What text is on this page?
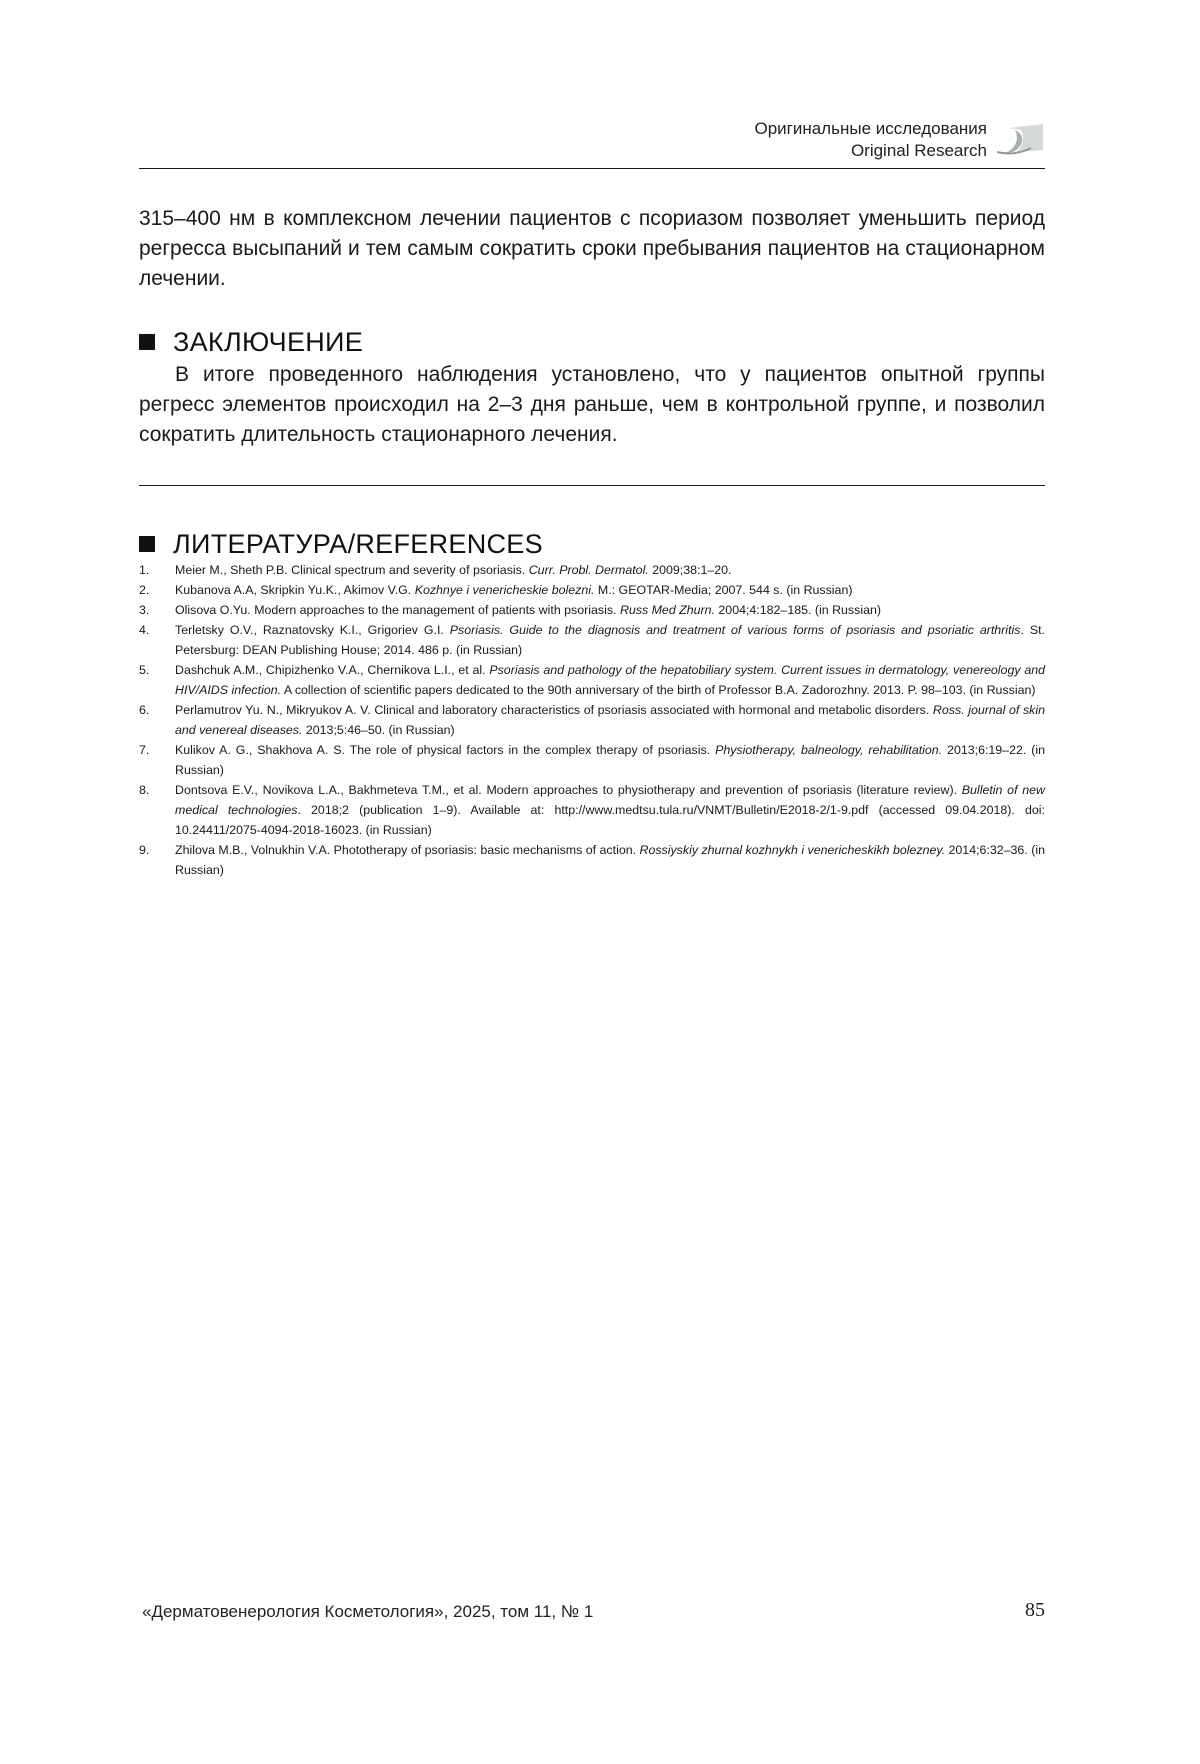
Оригинальные исследования
Original Research

315–400 нм в комплексном лечении пациентов с псориазом позволяет уменьшить период регресса высыпаний и тем самым сократить сроки пребывания пациентов на стационарном лечении.

ЗАКЛЮЧЕНИЕ

В итоге проведенного наблюдения установлено, что у пациентов опытной группы регресс элементов происходил на 2–3 дня раньше, чем в контрольной группе, и позволил сократить длительность стационарного лечения.

ЛИТЕРАТУРА/REFERENCES
1. Meier M., Sheth P.B. Clinical spectrum and severity of psoriasis. Curr. Probl. Dermatol. 2009;38:1–20.
2. Kubanova A.A, Skripkin Yu.K., Akimov V.G. Kozhnye i venericheskie bolezni. M.: GEOTAR-Media; 2007. 544 s. (in Russian)
3. Olisova O.Yu. Modern approaches to the management of patients with psoriasis. Russ Med Zhurn. 2004;4:182–185. (in Russian)
4. Terletsky O.V., Raznatovsky K.I., Grigoriev G.I. Psoriasis. Guide to the diagnosis and treatment of various forms of psoriasis and psoriatic arthritis. St. Petersburg: DEAN Publishing House; 2014. 486 p. (in Russian)
5. Dashchuk A.M., Chipizhenko V.A., Chernikova L.I., et al. Psoriasis and pathology of the hepatobiliary system. Current issues in dermatology, venereology and HIV/AIDS infection. A collection of scientific papers dedicated to the 90th anniversary of the birth of Professor B.A. Zadorozhny. 2013. P. 98–103. (in Russian)
6. Perlamutrov Yu. N., Mikryukov A. V. Clinical and laboratory characteristics of psoriasis associated with hormonal and metabolic disorders. Ross. journal of skin and venereal diseases. 2013;5:46–50. (in Russian)
7. Kulikov A. G., Shakhova A. S. The role of physical factors in the complex therapy of psoriasis. Physiotherapy, balneology, rehabilitation. 2013;6:19–22. (in Russian)
8. Dontsova E.V., Novikova L.A., Bakhmeteva T.M., et al. Modern approaches to physiotherapy and prevention of psoriasis (literature review). Bulletin of new medical technologies. 2018;2 (publication 1–9). Available at: http://www.medtsu.tula.ru/VNMT/Bulletin/E2018-2/1-9.pdf (accessed 09.04.2018). doi: 10.24411/2075-4094-2018-16023. (in Russian)
9. Zhilova M.B., Volnukhin V.A. Phototherapy of psoriasis: basic mechanisms of action. Rossiyskiy zhurnal kozhnykh i venericheskikh bolezney. 2014;6:32–36. (in Russian)
«Дерматовенерология Косметология», 2025, том 11, № 1	85
